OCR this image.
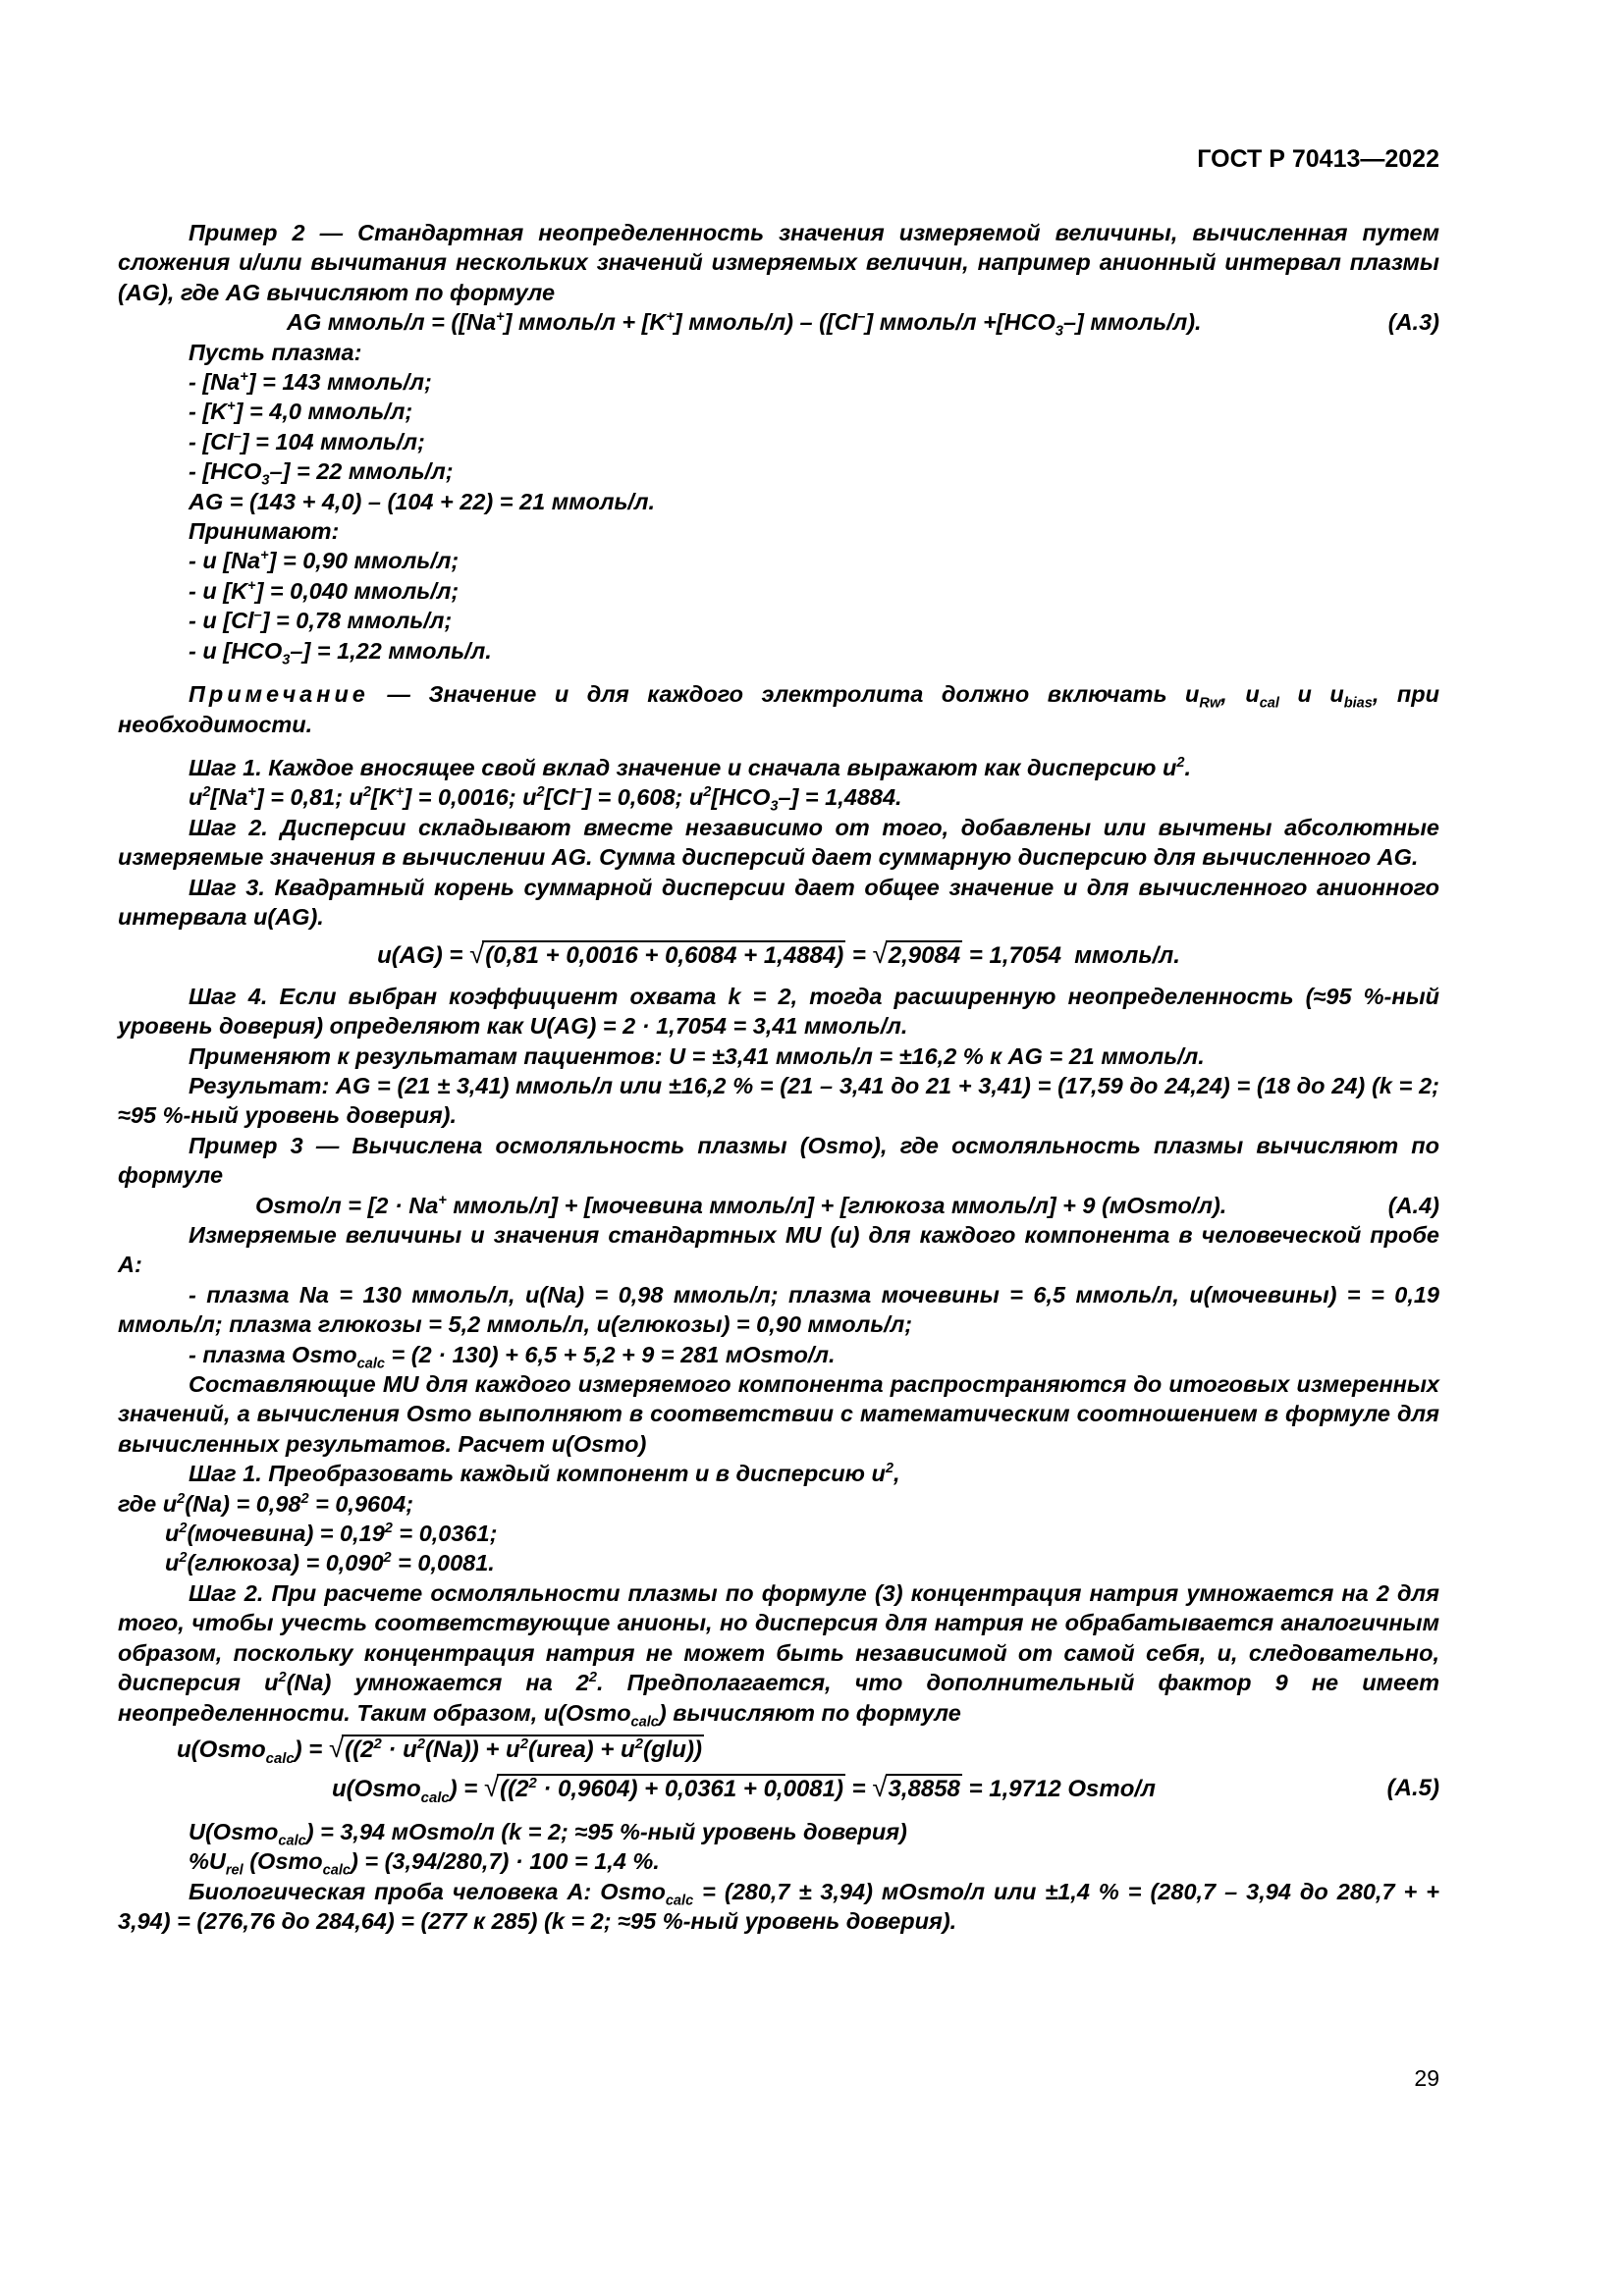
ГОСТ Р 70413—2022

Пример 2 — Стандартная неопределенность значения измеряемой величины, вычисленная путем сложения и/или вычитания нескольких значений измеряемых величин, например анионный интервал плазмы (AG), где AG вычисляют по формуле

AG ммоль/л = ([Na+] ммоль/л + [K+] ммоль/л) – ([Cl–] ммоль/л $+[HCO_3-]$ ммоль/л).	(A.3)

Пусть плазма:

- [Na+] = 143 ммоль/л;

- [K+] = 4,0 ммоль/л;

- [Cl–] = 104 ммоль/л;

- $[HCO_3-] = 22$ ммоль/л;

AG = (143 + 4,0) – (104 + 22) = 21 ммоль/л.

Принимают:

- u [Na+] = 0,90 ммоль/л;

- u [K+] = 0,040 ммоль/л;

- u [Cl–] = 0,78 ммоль/л;

- u $[HCO_3-] = 1,22$ ммоль/л.

Примечание — Значение u для каждого электролита должно включать $u_{Rw}$, $u_{cal}$ и $u_{bias}$, при необходимости.

Шаг 1. Каждое вносящее свой вклад значение и сначала выражают как дисперсию $u^2$.

$u^2[Na^+] = 0,81$; $u^2[K^+] = 0,0016$; $u^2[Cl^-] = 0,608$; $u^2[HCO_3-] = 1,4884$.

Шаг 2. Дисперсии складывают вместе независимо от того, добавлены или вычтены абсолютные измеряемые значения в вычислении AG. Сумма дисперсий дает суммарную дисперсию для вычисленного AG.

Шаг 3. Квадратный корень суммарной дисперсии дает общее значение u для вычисленного анионного интервала u(AG).

u(AG) = √(0,81 + 0,0016 + 0,6084 + 1,4884) = √2,9084 = 1,7054 ммоль/л.

Шаг 4. Если выбран коэффициент охвата k = 2, тогда расширенную неопределенность (≈95 %-ный уровень доверия) определяют как U(AG) = 2 · 1,7054 = 3,41 ммоль/л.

Применяют к результатам пациентов: U = ±3,41 ммоль/л = ±16,2 % к AG = 21 ммоль/л.

Результат: AG = (21 ± 3,41) ммоль/л или ±16,2 % = (21 – 3,41 до 21 + 3,41) = (17,59 до 24,24) = (18 до 24) (k = 2; ≈95 %-ный уровень доверия).

Пример 3 — Вычислена осмоляльность плазмы (Osmo), где осмоляльность плазмы вычисляют по формуле

Osmo/л = [2 · Na+ ммоль/л] + [мочевина ммоль/л] + [глюкоза ммоль/л] + 9 (мOsmo/л).	(A.4)

Измеряемые величины и значения стандартных MU (u) для каждого компонента в человеческой пробе А:

- плазма Na = 130 ммоль/л, u(Na) = 0,98 ммоль/л; плазма мочевины = 6,5 ммоль/л, u(мочевины) = = 0,19 ммоль/л; плазма глюкозы = 5,2 ммоль/л, u(глюкозы) = 0,90 ммоль/л;

- плазма Osmo$_{calc}$ = (2 · 130) + 6,5 + 5,2 + 9 = 281 мOsmo/л.

Составляющие MU для каждого измеряемого компонента распространяются до итоговых измеренных значений, а вычисления Osmo выполняют в соответствии с математическим соотношением в формуле для вычисленных результатов. Расчет u(Osmo)

Шаг 1. Преобразовать каждый компонент u в дисперсию $u^2$,

где $u^2(Na) = 0,98^2 = 0,9604$;

$u^2(мочевина) = 0,19^2 = 0,0361$;

$u^2(глюкоза) = 0,090^2 = 0,0081$.

Шаг 2. При расчете осмоляльности плазмы по формуле (3) концентрация натрия умножается на 2 для того, чтобы учесть соответствующие анионы, но дисперсия для натрия не обрабатывается аналогичным образом, поскольку концентрация натрия не может быть независимой от самой себя, и, следовательно, дисперсия $u^2(Na)$ умножается на $2^2$. Предполагается, что дополнительный фактор 9 не имеет неопределенности. Таким образом, u(Osmo$_{calc}$) вычисляют по формуле

u(Osmo$_{calc}$) = $√((2^2 \cdot u^2(Na))$ + $u^2(urea) + u^2(glu)$)

u(Osmo$_{calc}$) = $√((2^2 \cdot 0,9604) + 0,0361 + 0,0081) = √3,8858 = 1,9712$ Osmo/л	(A.5)

U(Osmo$_{calc}$) = 3,94 мOsmo/л (k = 2; ≈95 %-ный уровень доверия)

$\%U_{rel}$ (Osmo$_{calc}$) = (3,94/280,7) · 100 = 1,4 %.

Биологическая проба человека А: Osmo$_{calc}$ = (280,7 ± 3,94) мOsmo/л или ±1,4 % = (280,7 – 3,94 до 280,7 + + 3,94) = (276,76 до 284,64) = (277 к 285) (k = 2; ≈95 %-ный уровень доверия).

29
